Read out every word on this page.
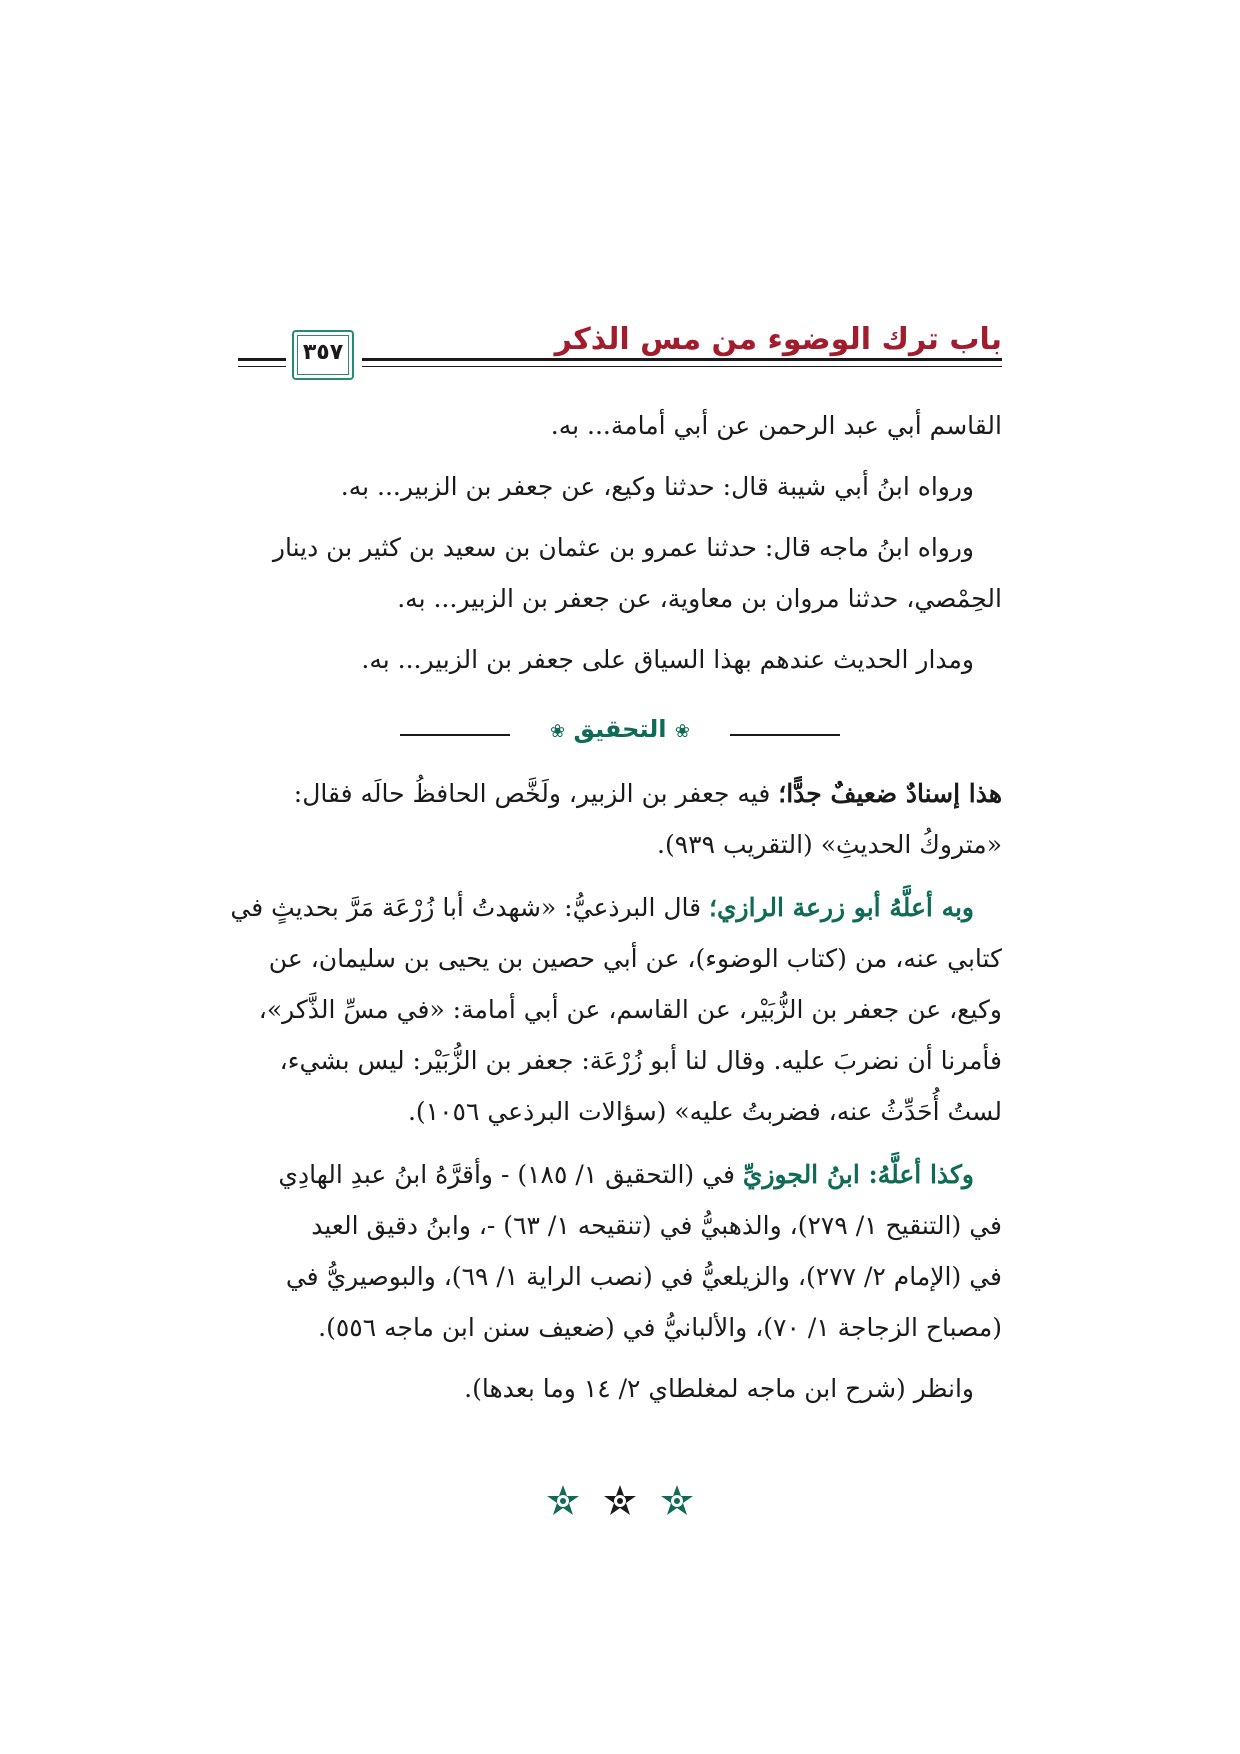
باب ترك الوضوء من مس الذكر
٣٥٧
القاسم أبي عبد الرحمن عن أبي أمامة... به.
ورواه ابنُ أبي شيبة قال: حدثنا وكيع، عن جعفر بن الزبير... به.
ورواه ابنُ ماجه قال: حدثنا عمرو بن عثمان بن سعيد بن كثير بن دينار
الحِمْصي، حدثنا مروان بن معاوية، عن جعفر بن الزبير... به.
ومدار الحديث عندهم بهذا السياق على جعفر بن الزبير... به.
❀ التحقيق ❀
هذا إسنادٌ ضعيفٌ جدًّا؛ فيه جعفر بن الزبير، ولَخَّص الحافظُ حالَه فقال:
«متروكُ الحديثِ» (التقريب ٩٣٩).
وبه أعلَّهُ أبو زرعة الرازي؛ قال البرذعيُّ: «شهدتُ أبا زُرْعَة مَرَّ بحديثٍ في
كتابي عنه، من (كتاب الوضوء)، عن أبي حصين بن يحيى بن سليمان، عن
وكيع، عن جعفر بن الزُّبَيْر، عن القاسم، عن أبي أمامة: «في مسِّ الذَّكر»،
فأمرنا أن نضربَ عليه. وقال لنا أبو زُرْعَة: جعفر بن الزُّبَيْر: ليس بشيء،
لستُ أُحَدِّثُ عنه، فضربتُ عليه» (سؤالات البرذعي ١٠٥٦).
وكذا أعلَّهُ: ابنُ الجوزيِّ في (التحقيق ١/ ١٨٥) - وأقرَّهُ ابنُ عبدِ الهادِي
في (التنقيح ١/ ٢٧٩)، والذهبيُّ في (تنقيحه ١/ ٦٣) -، وابنُ دقيق العيد
في (الإمام ٢/ ٢٧٧)، والزيلعيُّ في (نصب الراية ١/ ٦٩)، والبوصيريُّ في
(مصباح الزجاجة ١/ ٧٠)، والألبانيُّ في (ضعيف سنن ابن ماجه ٥٥٦).
وانظر (شرح ابن ماجه لمغلطاي ٢/ ١٤ وما بعدها).
